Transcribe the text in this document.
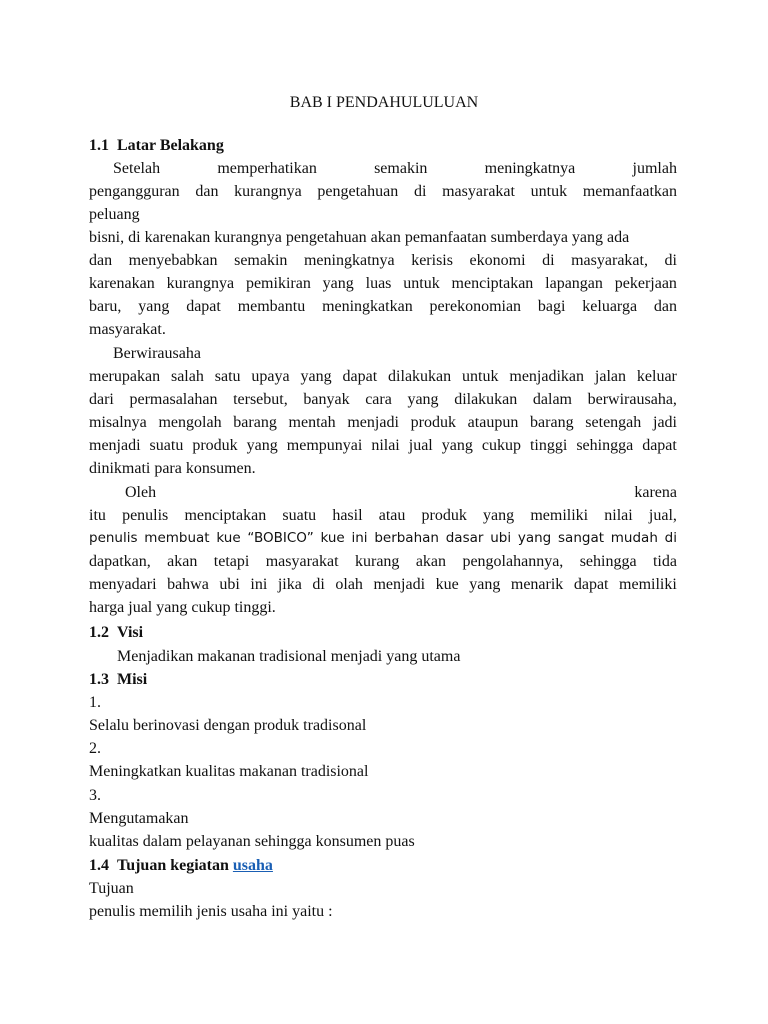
BAB I PENDAHULULUAN
1.1 Latar Belakang
Setelah	memperhatikan	semakin	meningkatnya	jumlah
pengangguran dan kurangnya pengetahuan di masyarakat untuk memanfaatkan
peluang
bisni, di karenakan kurangnya pengetahuan akan pemanfaatan sumberdaya yang ada
dan menyebabkan semakin meningkatnya kerisis ekonomi di masyarakat, di
karenakan kurangnya pemikiran yang luas untuk menciptakan lapangan pekerjaan
baru, yang dapat membantu meningkatkan perekonomian bagi keluarga dan
masyarakat.
Berwirausaha
merupakan salah satu upaya yang dapat dilakukan untuk menjadikan jalan keluar
dari permasalahan tersebut, banyak cara yang dilakukan dalam berwirausaha,
misalnya mengolah barang mentah menjadi produk ataupun barang setengah jadi
menjadi suatu produk yang mempunyai nilai jual yang cukup tinggi sehingga dapat
dinikmati para konsumen.
Oleh	karena
itu penulis menciptakan suatu hasil atau produk yang memiliki nilai jual,
penulis membuat kue “BOBICO” kue ini berbahan dasar ubi yang sangat mudah di
dapatkan, akan tetapi masyarakat kurang akan pengolahannya, sehingga tida
menyadari bahwa ubi ini jika di olah menjadi kue yang menarik dapat memiliki
harga jual yang cukup tinggi.
1.2 Visi
Menjadikan makanan tradisional menjadi yang utama
1.3 Misi
1.
Selalu berinovasi dengan produk tradisonal
2.
Meningkatkan kualitas makanan tradisional
3.
Mengutamakan
kualitas dalam pelayanan sehingga konsumen puas
1.4 Tujuan kegiatan usaha
Tujuan
penulis memilih jenis usaha ini yaitu :
